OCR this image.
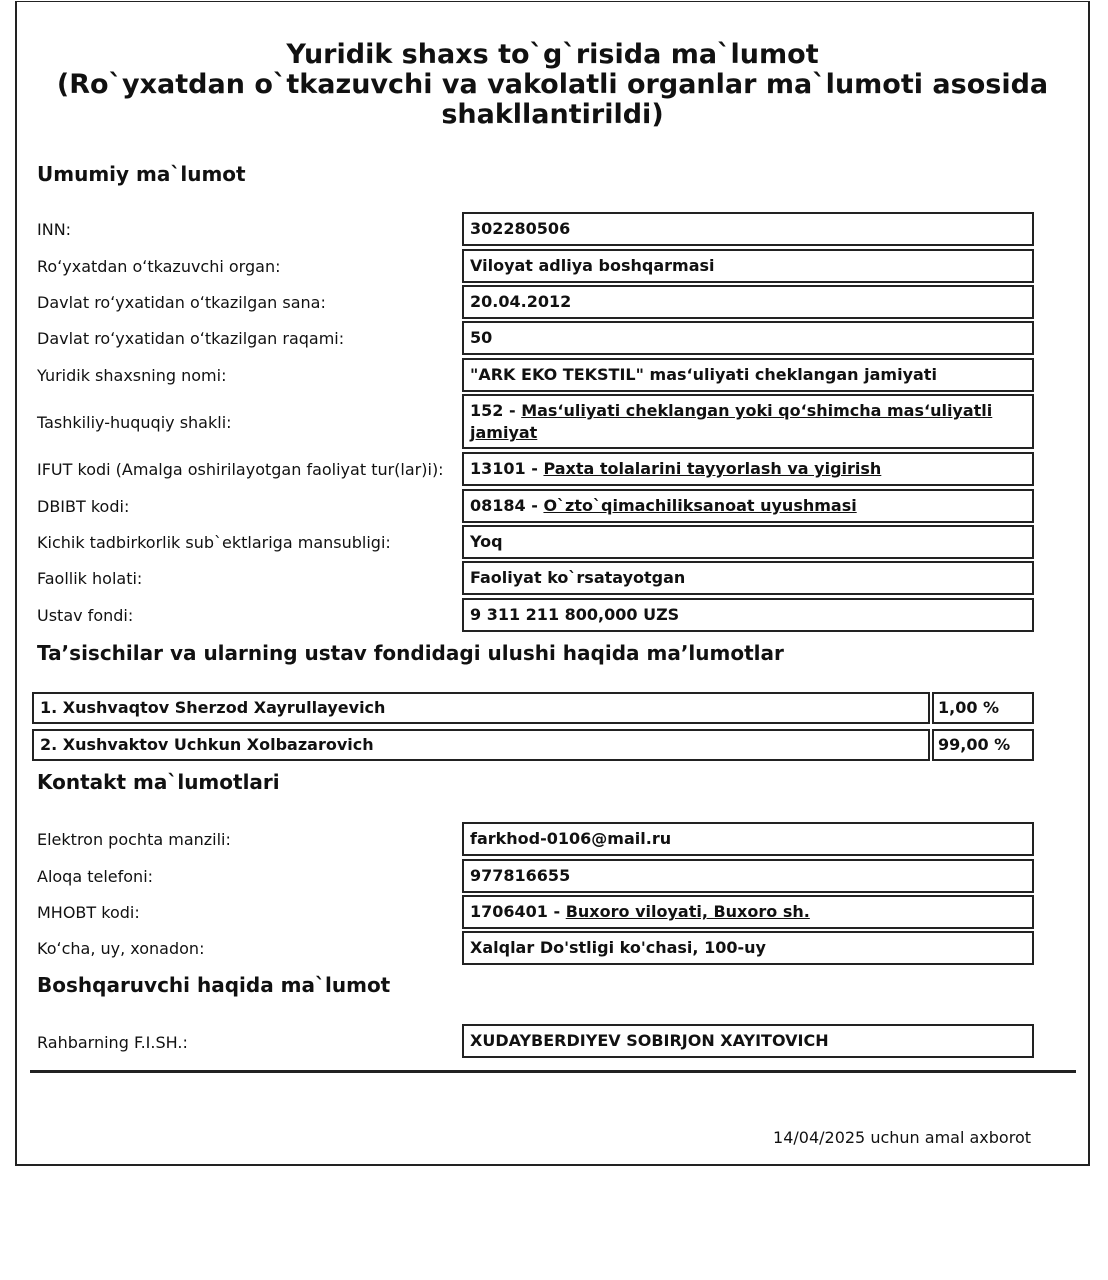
Yuridik shaxs to`g`risida ma`lumot
(Ro`yxatdan o`tkazuvchi va vakolatli organlar ma`lumoti asosida
shakllantirildi)
Umumiy ma`lumot
INN:	302280506
Roʻyxatdan oʻtkazuvchi organ:	Viloyat adliya boshqarmasi
Davlat roʻyxatidan oʻtkazilgan sana:	20.04.2012
Davlat roʻyxatidan oʻtkazilgan raqami:	50
Yuridik shaxsning nomi:	"ARK EKO TEKSTIL" masʻuliyati cheklangan jamiyati
Tashkiliy-huquqiy shakli:
152 - Masʻuliyati cheklangan yoki qoʻshimcha masʻuliyatli jamiyat
IFUT kodi (Amalga oshirilayotgan faoliyat tur(lar)i):	13101 - Paxta tolalarini tayyorlash va yigirish
DBIBT kodi:	08184 - O`zto`qimachiliksanoat uyushmasi
Kichik tadbirkorlik sub`ektlariga mansubligi:	Yoq
Faollik holati:	Faoliyat ko`rsatayotgan
Ustav fondi:	9 311 211 800,000 UZS
Taʼsischilar va ularning ustav fondidagi ulushi haqida maʼlumotlar
1. Xushvaqtov Sherzod Xayrullayevich	1,00 %
2. Xushvaktov Uchkun Xolbazarovich	99,00 %
Kontakt ma`lumotlari
Elektron pochta manzili:	farkhod-0106@mail.ru
Aloqa telefoni:	977816655
MHOBT kodi:	1706401 - Buxoro viloyati, Buxoro sh.
Koʻcha, uy, xonadon:	Xalqlar Do'stligi ko'chasi, 100-uy
Boshqaruvchi haqida ma`lumot
Rahbarning F.I.SH.:	XUDAYBERDIYEV SOBIRJON XAYITOVICH
14/04/2025 uchun amal axborot
